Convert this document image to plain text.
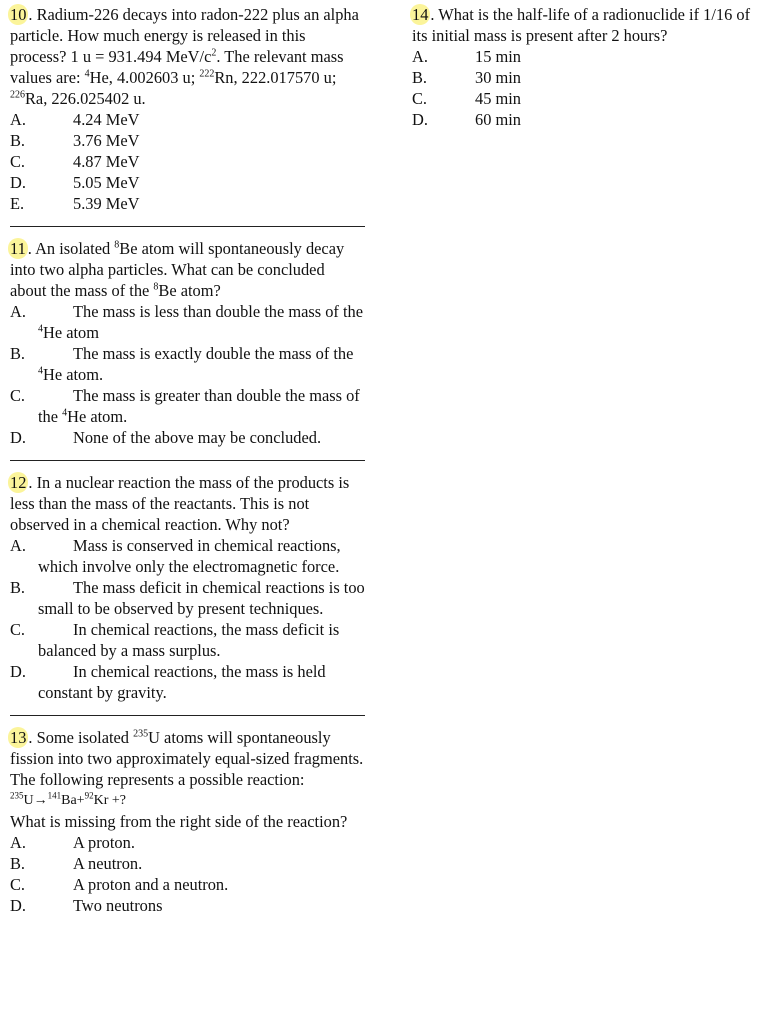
10 . Radium-226 decays into radon-222 plus an alpha particle. How much energy is released in this process? 1 u = 931.494 MeV/$c^2$. The relevant mass values are: $^4$He, 4.002603 u; $^{222}$Rn, 222.017570 u; $^{226}$Ra, 226.025402 u.

A.	4.24 MeV
B.	3.76 MeV
C.	4.87 MeV
D.	5.05 MeV
E.	5.39 MeV

11 . An isolated $^8$Be atom will spontaneously decay into two alpha particles. What can be concluded about the mass of the $^8$Be atom?

A.	The mass is less than double the mass of the $^4$He atom
B.	The mass is exactly double the mass of the $^4$He atom.
C.	The mass is greater than double the mass of the $^4$He atom.
D.	None of the above may be concluded.

12 . In a nuclear reaction the mass of the products is less than the mass of the reactants. This is not observed in a chemical reaction. Why not?

A.	Mass is conserved in chemical reactions, which involve only the electromagnetic force.
B.	The mass deficit in chemical reactions is too small to be observed by present techniques.
C.	In chemical reactions, the mass deficit is balanced by a mass surplus.
D.	In chemical reactions, the mass is held constant by gravity.

13 . Some isolated $^{235}$U atoms will spontaneously fission into two approximately equal-sized fragments. The following represents a possible reaction:

$^{235}$U→$^{141}$Ba+$^{92}$Kr +?

What is missing from the right side of the reaction?

A.	A proton.
B.	A neutron.
C.	A proton and a neutron.
D.	Two neutrons

14 . What is the half-life of a radionuclide if 1/16 of its initial mass is present after 2 hours?

A.	15 min
B.	30 min
C.	45 min
D.	60 min
